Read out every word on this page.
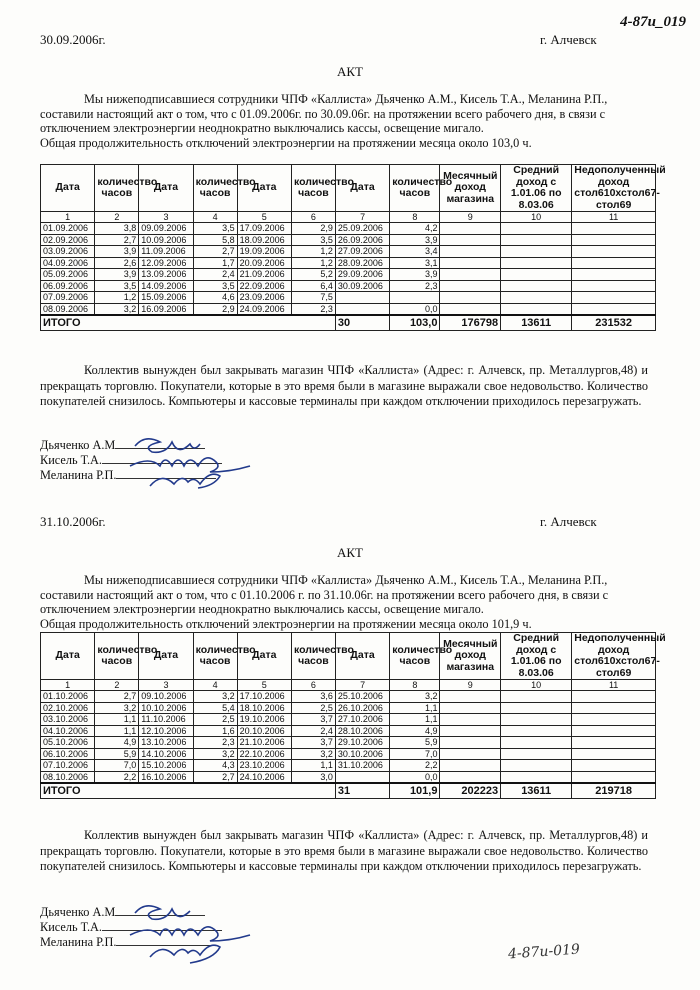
4-87и_019
30.09.2006г.	г. Алчевск
АКТ

Мы нижеподписавшиеся сотрудники ЧПФ «Каллиста» Дьяченко А.М., Кисель Т.А., Меланина Р.П.,

составили настоящий акт о том, что с 01.09.2006г. по 30.09.06г. на протяжении всего рабочего дня, в связи с отключением электроэнергии неоднократно выключались кассы, освещение мигало.

Общая продолжительность отключений электроэнергии на протяжении месяца около 103,0 ч.

Дата	количество часов	Дата	количество часов	Дата	количество часов	Дата	количество часов	Месячный доход магазина	Средний доход с 1.01.06 по 8.03.06	Недополученный доход стол610хстол67-стол69
1	2	3	4	5	6	7	8	9	10	11
01.09.2006	3,8	09.09.2006	3,5	17.09.2006	2,9	25.09.2006	4,2			
02.09.2006	2,7	10.09.2006	5,8	18.09.2006	3,5	26.09.2006	3,9			
03.09.2006	3,9	11.09.2006	2,7	19.09.2006	1,2	27.09.2006	3,4			
04.09.2006	2,6	12.09.2006	1,7	20.09.2006	1,2	28.09.2006	3,1			
05.09.2006	3,9	13.09.2006	2,4	21.09.2006	5,2	29.09.2006	3,9			
06.09.2006	3,5	14.09.2006	3,5	22.09.2006	6,4	30.09.2006	2,3			
07.09.2006	1,2	15.09.2006	4,6	23.09.2006	7,5					
08.09.2006	3,2	16.09.2006	2,9	24.09.2006	2,3		0,0			
ИТОГО						30	103,0	176798	13611	231532

Коллектив вынужден был закрывать магазин ЧПФ «Каллиста» (Адрес: г. Алчевск, пр. Металлургов,48) и прекращать торговлю. Покупатели, которые в это время были в магазине выражали свое недовольство. Количество покупателей снизилось. Компьютеры и кассовые терминалы при каждом отключении приходилось перезагружать.

Дьяченко А.М
Кисель Т.А.
Меланина Р.П.
31.10.2006г.	г. Алчевск
АКТ

Мы нижеподписавшиеся сотрудники ЧПФ «Каллиста» Дьяченко А.М., Кисель Т.А., Меланина Р.П.,

составили настоящий акт о том, что с 01.10.2006 г. по 31.10.06г. на протяжении всего рабочего дня, в связи с отключением электроэнергии неоднократно выключались кассы, освещение мигало.

Общая продолжительность отключений электроэнергии на протяжении месяца около 101,9 ч.

Дата	количество часов	Дата	количество часов	Дата	количество часов	Дата	количество часов	Месячный доход магазина	Средний доход с 1.01.06 по 8.03.06	Недополученный доход стол610хстол67-стол69
1	2	3	4	5	6	7	8	9	10	11
01.10.2006	2,7	09.10.2006	3,2	17.10.2006	3,6	25.10.2006	3,2			
02.10.2006	3,2	10.10.2006	5,4	18.10.2006	2,5	26.10.2006	1,1			
03.10.2006	1,1	11.10.2006	2,5	19.10.2006	3,7	27.10.2006	1,1			
04.10.2006	1,1	12.10.2006	1,6	20.10.2006	2,4	28.10.2006	4,9			
05.10.2006	4,9	13.10.2006	2,3	21.10.2006	3,7	29.10.2006	5,9			
06.10.2006	5,9	14.10.2006	3,2	22.10.2006	3,2	30.10.2006	7,0			
07.10.2006	7,0	15.10.2006	4,3	23.10.2006	1,1	31.10.2006	2,2			
08.10.2006	2,2	16.10.2006	2,7	24.10.2006	3,0		0,0			
ИТОГО						31	101,9	202223	13611	219718

Коллектив вынужден был закрывать магазин ЧПФ «Каллиста» (Адрес: г. Алчевск, пр. Металлургов,48) и прекращать торговлю. Покупатели, которые в это время были в магазине выражали свое недовольство. Количество покупателей снизилось. Компьютеры и кассовые терминалы при каждом отключении приходилось перезагружать.

Дьяченко А.М
Кисель Т.А.
Меланина Р.П.	4-87и-019
